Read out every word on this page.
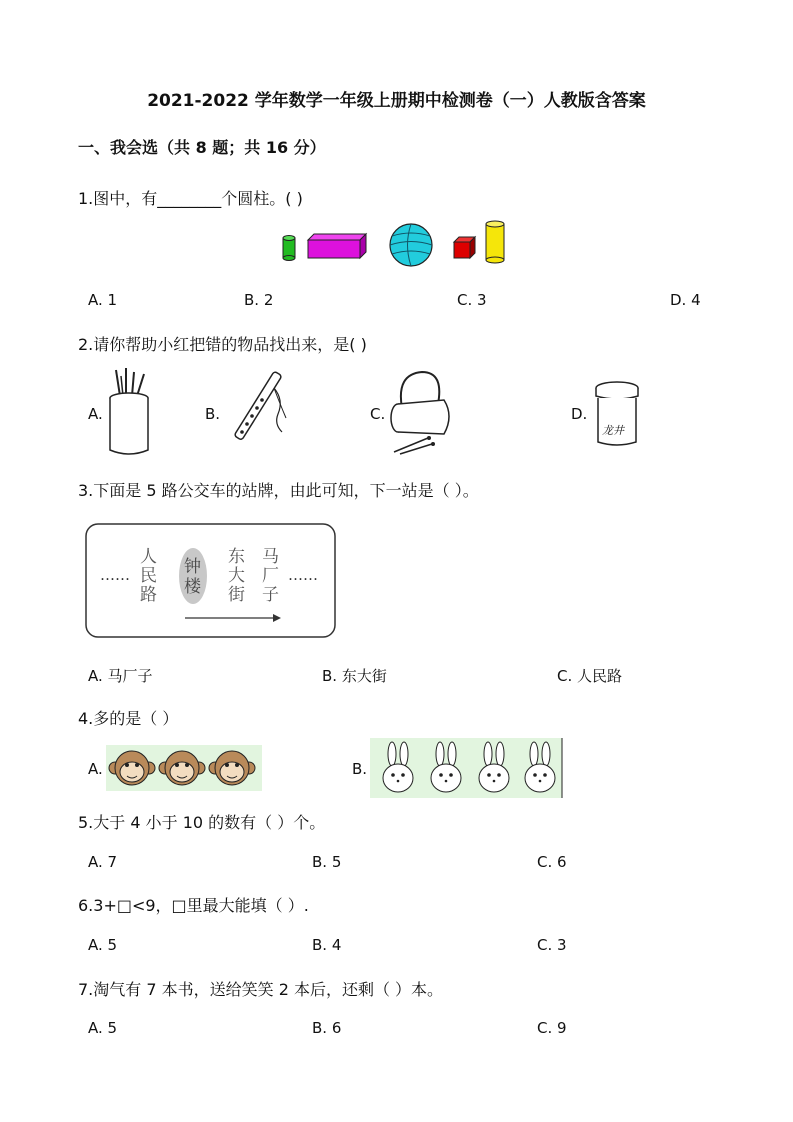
2021-2022 学年数学一年级上册期中检测卷（一）人教版含答案
一、我会选（共 8 题；共 16 分）
1.图中，有________个圆柱。( )
A. 1	B. 2	C. 3	D. 4
2.请你帮助小红把错的物品找出来，是( )
A.	B.	C.	D.
龙井
3.下面是 5 路公交车的站牌，由此可知，下一站是（ ）。
……
人
民
路
钟
楼
东
大
街
马
厂
子
……
A. 马厂子	B. 东大街	C. 人民路
4.多的是（ ）
A.	B.
5.大于 4 小于 10 的数有（ ）个。
A. 7	B. 5	C. 6
6.3+□<9，□里最大能填（ ）.
A. 5	B. 4	C. 3
7.淘气有 7 本书，送给笑笑 2 本后，还剩（ ）本。
A. 5	B. 6	C. 9
